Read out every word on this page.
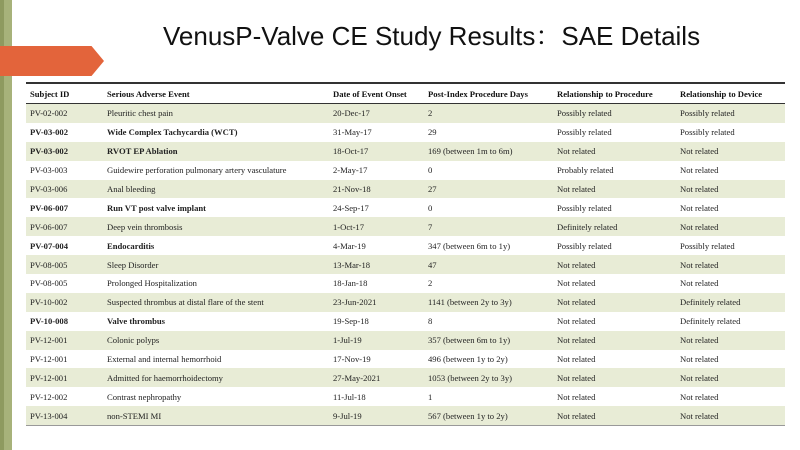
VenusP-Valve CE Study Results：SAE Details
Subject ID	Serious Adverse Event	Date of Event Onset	Post-Index Procedure Days	Relationship to Procedure	Relationship to Device
PV-02-002	Pleuritic chest pain	20-Dec-17	2	Possibly related	Possibly related
PV-03-002	Wide Complex Tachycardia (WCT)	31-May-17	29	Possibly related	Possibly related
PV-03-002	RVOT EP Ablation	18-Oct-17	169 (between 1m to 6m)	Not related	Not related
PV-03-003	Guidewire perforation pulmonary artery vasculature	2-May-17	0	Probably related	Not related
PV-03-006	Anal bleeding	21-Nov-18	27	Not related	Not related
PV-06-007	Run VT post valve implant	24-Sep-17	0	Possibly related	Not related
PV-06-007	Deep vein thrombosis	1-Oct-17	7	Definitely related	Not related
PV-07-004	Endocarditis	4-Mar-19	347 (between 6m to 1y)	Possibly related	Possibly related
PV-08-005	Sleep Disorder	13-Mar-18	47	Not related	Not related
PV-08-005	Prolonged Hospitalization	18-Jan-18	2	Not related	Not related
PV-10-002	Suspected thrombus at distal flare of the stent	23-Jun-2021	1141 (between 2y to 3y)	Not related	Definitely related
PV-10-008	Valve thrombus	19-Sep-18	8	Not related	Definitely related
PV-12-001	Colonic polyps	1-Jul-19	357 (between 6m to 1y)	Not related	Not related
PV-12-001	External and internal hemorrhoid	17-Nov-19	496 (between 1y to 2y)	Not related	Not related
PV-12-001	Admitted for haemorrhoidectomy	27-May-2021	1053 (between 2y to 3y)	Not related	Not related
PV-12-002	Contrast nephropathy	11-Jul-18	1	Not related	Not related
PV-13-004	non-STEMI MI	9-Jul-19	567 (between 1y to 2y)	Not related	Not related
